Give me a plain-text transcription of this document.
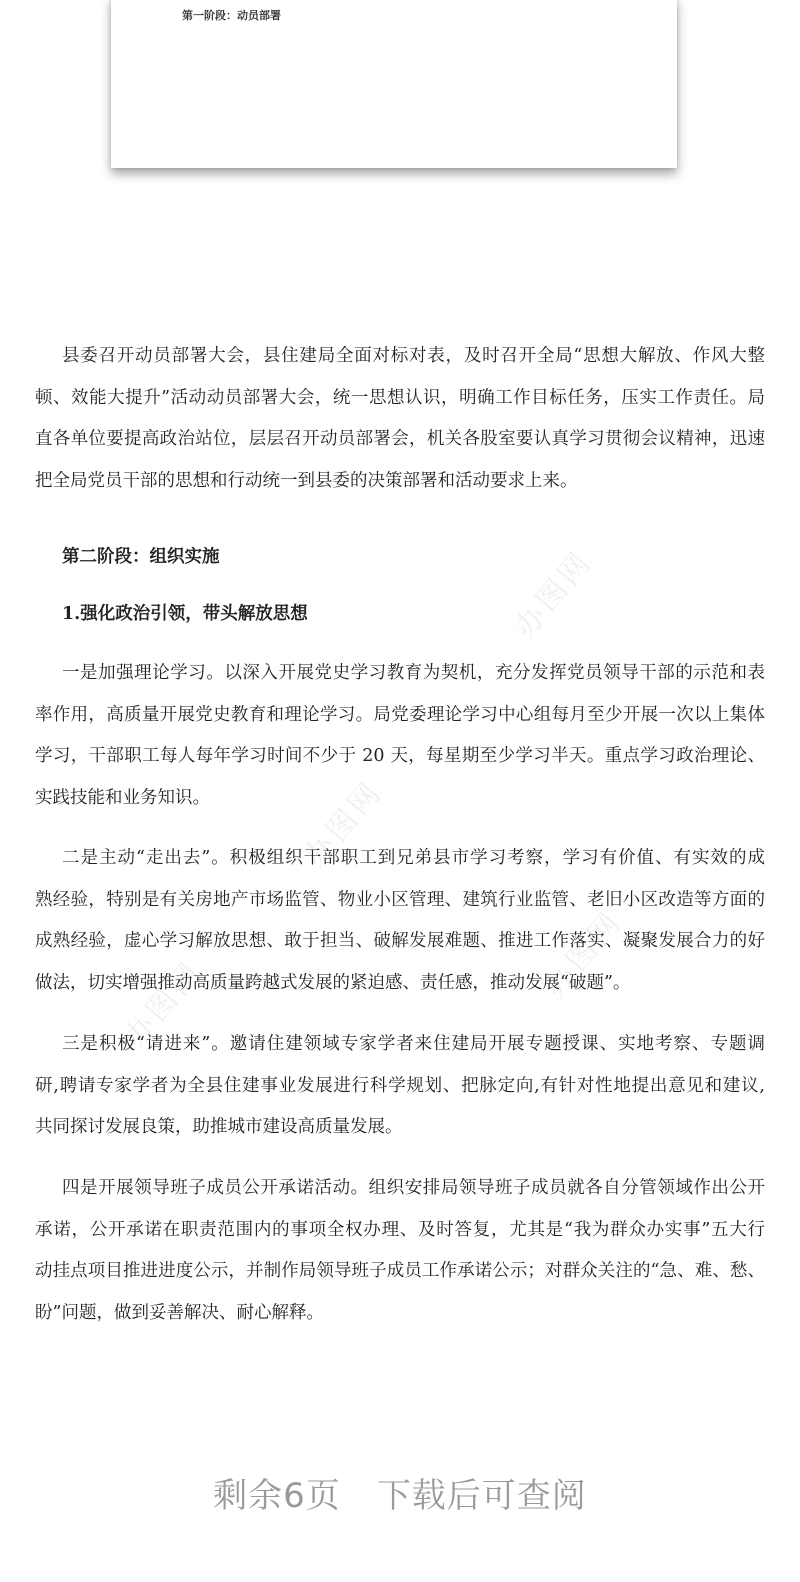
第一阶段：动员部署
办图网
办图网
办图网
办图网
县委召开动员部署大会，县住建局全面对标对表，及时召开全局“思想大解放、作风大整
顿、效能大提升”活动动员部署大会，统一思想认识，明确工作目标任务，压实工作责任。局
直各单位要提高政治站位，层层召开动员部署会，机关各股室要认真学习贯彻会议精神，迅速
把全局党员干部的思想和行动统一到县委的决策部署和活动要求上来。
第二阶段：组织实施
1.强化政治引领，带头解放思想
一是加强理论学习。以深入开展党史学习教育为契机，充分发挥党员领导干部的示范和表
率作用，高质量开展党史教育和理论学习。局党委理论学习中心组每月至少开展一次以上集体
学习，干部职工每人每年学习时间不少于 20 天，每星期至少学习半天。重点学习政治理论、
实践技能和业务知识。
二是主动“走出去”。积极组织干部职工到兄弟县市学习考察，学习有价值、有实效的成
熟经验，特别是有关房地产市场监管、物业小区管理、建筑行业监管、老旧小区改造等方面的
成熟经验，虚心学习解放思想、敢于担当、破解发展难题、推进工作落实、凝聚发展合力的好
做法，切实增强推动高质量跨越式发展的紧迫感、责任感，推动发展“破题”。
三是积极“请进来”。邀请住建领域专家学者来住建局开展专题授课、实地考察、专题调
研,聘请专家学者为全县住建事业发展进行科学规划、把脉定向,有针对性地提出意见和建议,
共同探讨发展良策，助推城市建设高质量发展。
四是开展领导班子成员公开承诺活动。组织安排局领导班子成员就各自分管领域作出公开
承诺，公开承诺在职责范围内的事项全权办理、及时答复，尤其是“我为群众办实事”五大行
动挂点项目推进进度公示，并制作局领导班子成员工作承诺公示；对群众关注的“急、难、愁、
盼”问题，做到妥善解决、耐心解释。
剩余6页 下载后可查阅
